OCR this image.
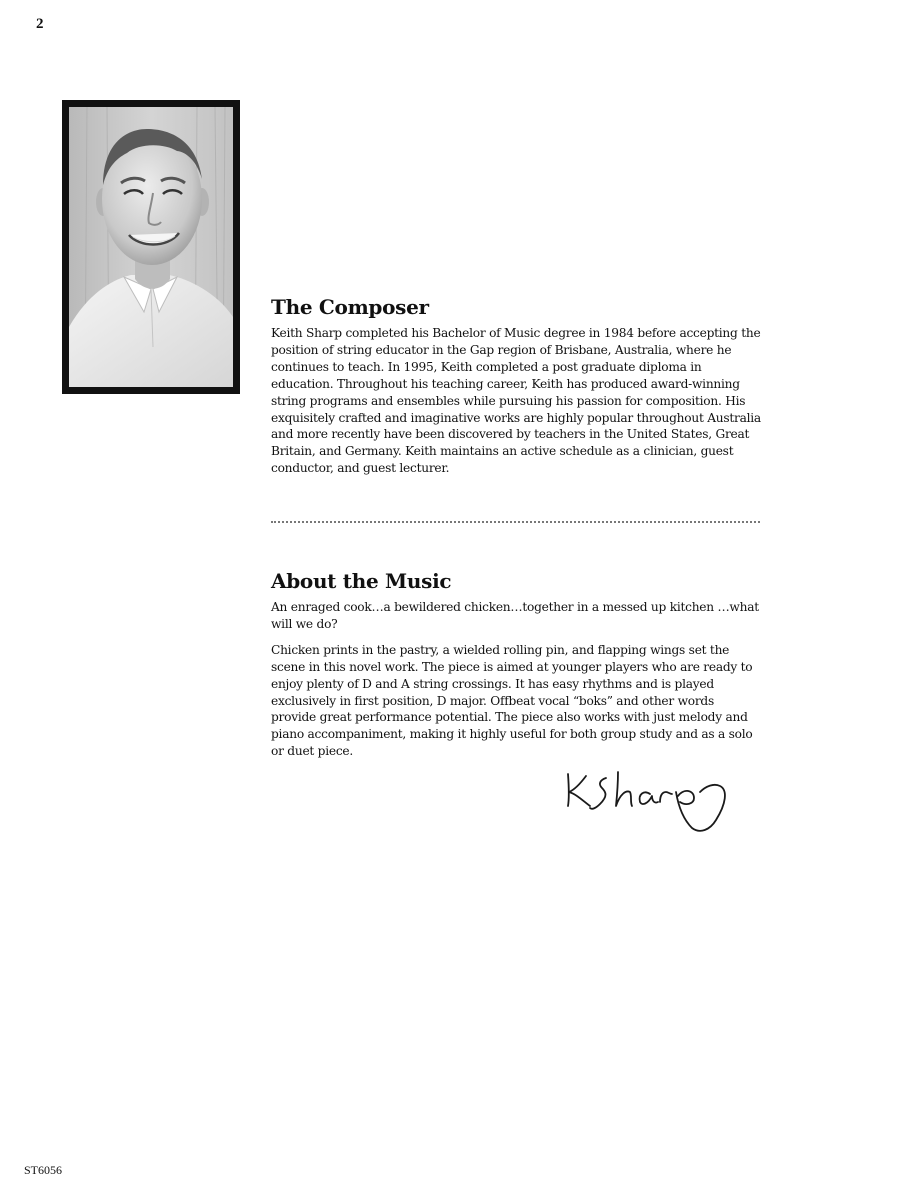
2
The Composer

Keith Sharp completed his Bachelor of Music degree in 1984 before accepting the position of string educator in the Gap region of Brisbane, Australia, where he continues to teach. In 1995, Keith completed a post graduate diploma in education. Throughout his teaching career, Keith has produced award-winning string programs and ensembles while pursuing his passion for composition. His exquisitely crafted and imaginative works are highly popular throughout Australia and more recently have been discovered by teachers in the United States, Great Britain, and Germany. Keith maintains an active schedule as a clinician, guest conductor, and guest lecturer.

About the Music

An enraged cook…a bewildered chicken…together in a messed up kitchen …what will we do?

Chicken prints in the pastry, a wielded rolling pin, and flapping wings set the scene in this novel work. The piece is aimed at younger players who are ready to enjoy plenty of D and A string crossings. It has easy rhythms and is played exclusively in first position, D major. Offbeat vocal “boks” and other words provide great performance potential. The piece also works with just melody and piano accompaniment, making it highly useful for both group study and as a solo or duet piece.

ST6056
